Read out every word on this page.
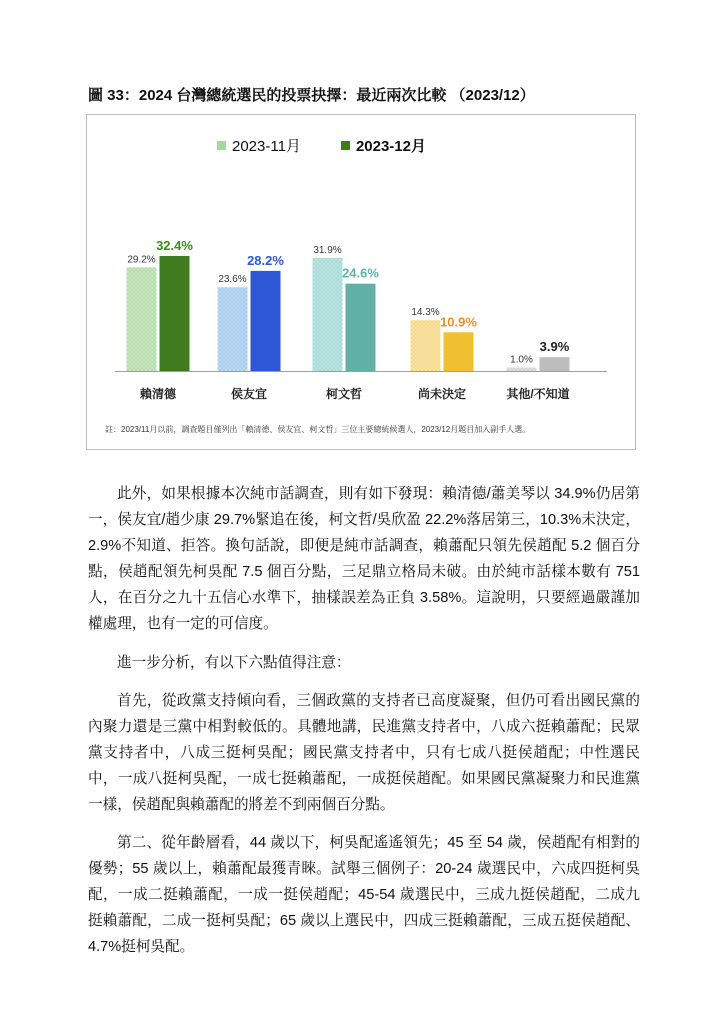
圖 33：2024 台灣總統選民的投票抉擇：最近兩次比較 （2023/12）
2023-11月	2023-12月
29.2%
32.4%
賴清德
23.6%
28.2%
侯友宜
31.9%
24.6%
柯文哲
14.3%
10.9%
尚未決定
1.0%
3.9%
其他/不知道
註：2023/11月以前，調查題目僅列出「賴清德、侯友宜、柯文哲」三位主要總統候選人，2023/12月題目加入副手人選。

此外，如果根據本次純市話調查，則有如下發現：賴清德/蕭美琴以 34.9%仍居第一，侯友宜/趙少康 29.7%緊追在後，柯文哲/吳欣盈 22.2%落居第三，10.3%未決定，2.9%不知道、拒答。換句話說，即便是純市話調查，賴蕭配只領先侯趙配 5.2 個百分點，侯趙配領先柯吳配 7.5 個百分點，三足鼎立格局未破。由於純市話樣本數有 751 人，在百分之九十五信心水準下，抽樣誤差為正負 3.58%。這說明，只要經過嚴謹加權處理，也有一定的可信度。

進一步分析，有以下六點值得注意：

首先，從政黨支持傾向看，三個政黨的支持者已高度凝聚，但仍可看出國民黨的內聚力還是三黨中相對較低的。具體地講，民進黨支持者中，八成六挺賴蕭配；民眾黨支持者中，八成三挺柯吳配；國民黨支持者中，只有七成八挺侯趙配；中性選民中，一成八挺柯吳配，一成七挺賴蕭配，一成挺侯趙配。如果國民黨凝聚力和民進黨一樣，侯趙配與賴蕭配的將差不到兩個百分點。

第二、從年齡層看，44 歲以下，柯吳配遙遙領先；45 至 54 歲，侯趙配有相對的優勢；55 歲以上，賴蕭配最獲青睞。試舉三個例子：20-24 歲選民中，六成四挺柯吳配，一成二挺賴蕭配，一成一挺侯趙配；45-54 歲選民中，三成九挺侯趙配，二成九挺賴蕭配，二成一挺柯吳配；65 歲以上選民中，四成三挺賴蕭配，三成五挺侯趙配、4.7%挺柯吳配。
